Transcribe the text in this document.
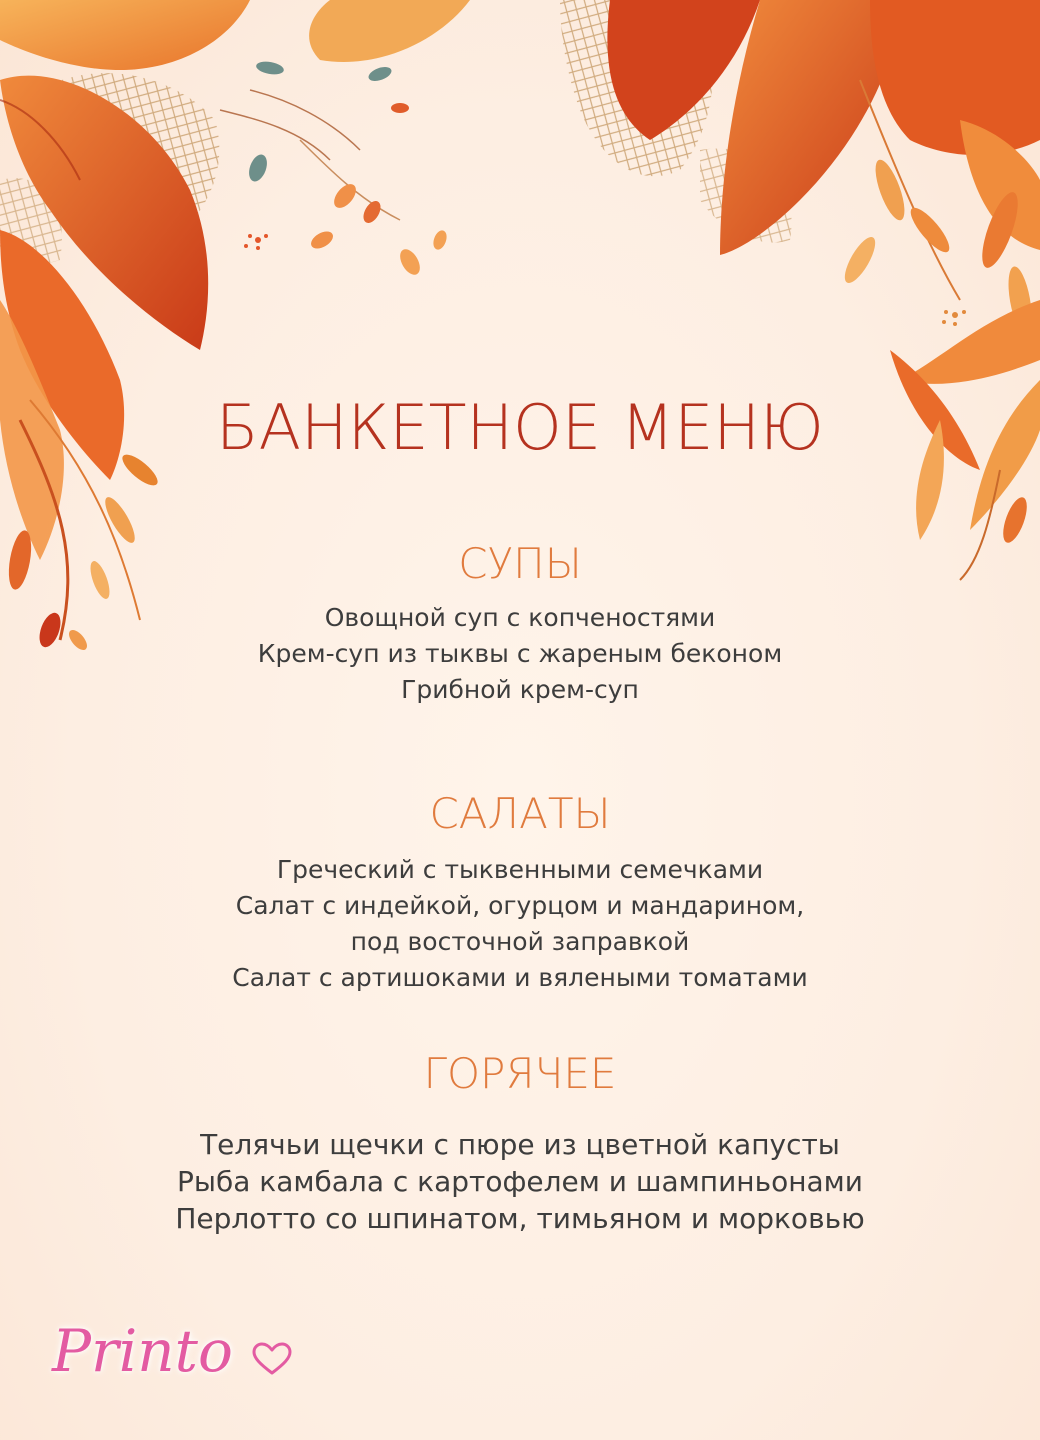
БАНКЕТНОЕ МЕНЮ
СУПЫ
Овощной суп с копченостями
Крем-суп из тыквы с жареным беконом
Грибной крем-суп
САЛАТЫ
Греческий с тыквенными семечками
Салат с индейкой, огурцом и мандарином,
под восточной заправкой
Салат с артишоками и вялеными томатами
ГОРЯЧЕЕ
Телячьи щечки с пюре из цветной капусты
Рыба камбала с картофелем и шампиньонами
Перлотто со шпинатом, тимьяном и морковью
Printo
